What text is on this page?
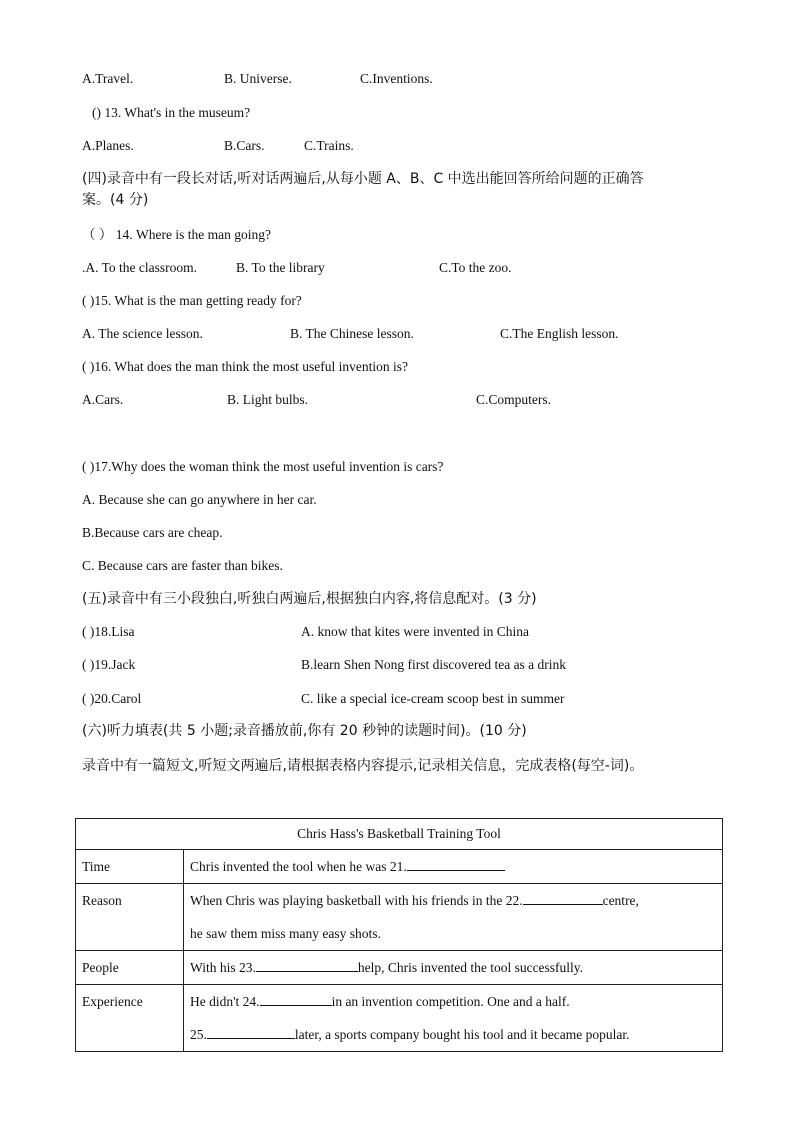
A.Travel.	B. Universe.	C.Inventions.
() 13. What's in the museum?
A.Planes.	B.Cars.	C.Trains.
(四)录音中有一段长对话,听对话两遍后,从每小题 A、B、C 中选出能回答所给问题的正确答
案。(4 分)
（ ） 14. Where is the man going?
.A. To the classroom.	B. To the library	C.To the zoo.
( )15. What is the man getting ready for?
A. The science lesson.	B. The Chinese lesson.	C.The English lesson.
( )16. What does the man think the most useful invention is?
A.Cars.	B. Light bulbs.	C.Computers.
( )17.Why does the woman think the most useful invention is cars?
A. Because she can go anywhere in her car.
B.Because cars are cheap.
C. Because cars are faster than bikes.
(五)录音中有三小段独白,听独白两遍后,根据独白内容,将信息配对。(3 分)
( )18.Lisa	A. know that kites were invented in China
( )19.Jack	B.learn Shen Nong first discovered tea as a drink
( )20.Carol	C. like a special ice-cream scoop best in summer
(六)听力填表(共 5 小题;录音播放前,你有 20 秒钟的读题时间)。(10 分)
录音中有一篇短文,听短文两遍后,请根据表格内容提示,记录相关信息，完成表格(每空-词)。
Chris Hass's Basketball Training Tool	
Time	Chris invented the tool when he was 21.
Reason	When Chris was playing basketball with his friends in the 22. centre,
he saw them miss many easy shots.
People	With his 23. help, Chris invented the tool successfully.
Experience	He didn't 24. in an invention competition. One and a half.
25. later, a sports company bought his tool and it became popular.
